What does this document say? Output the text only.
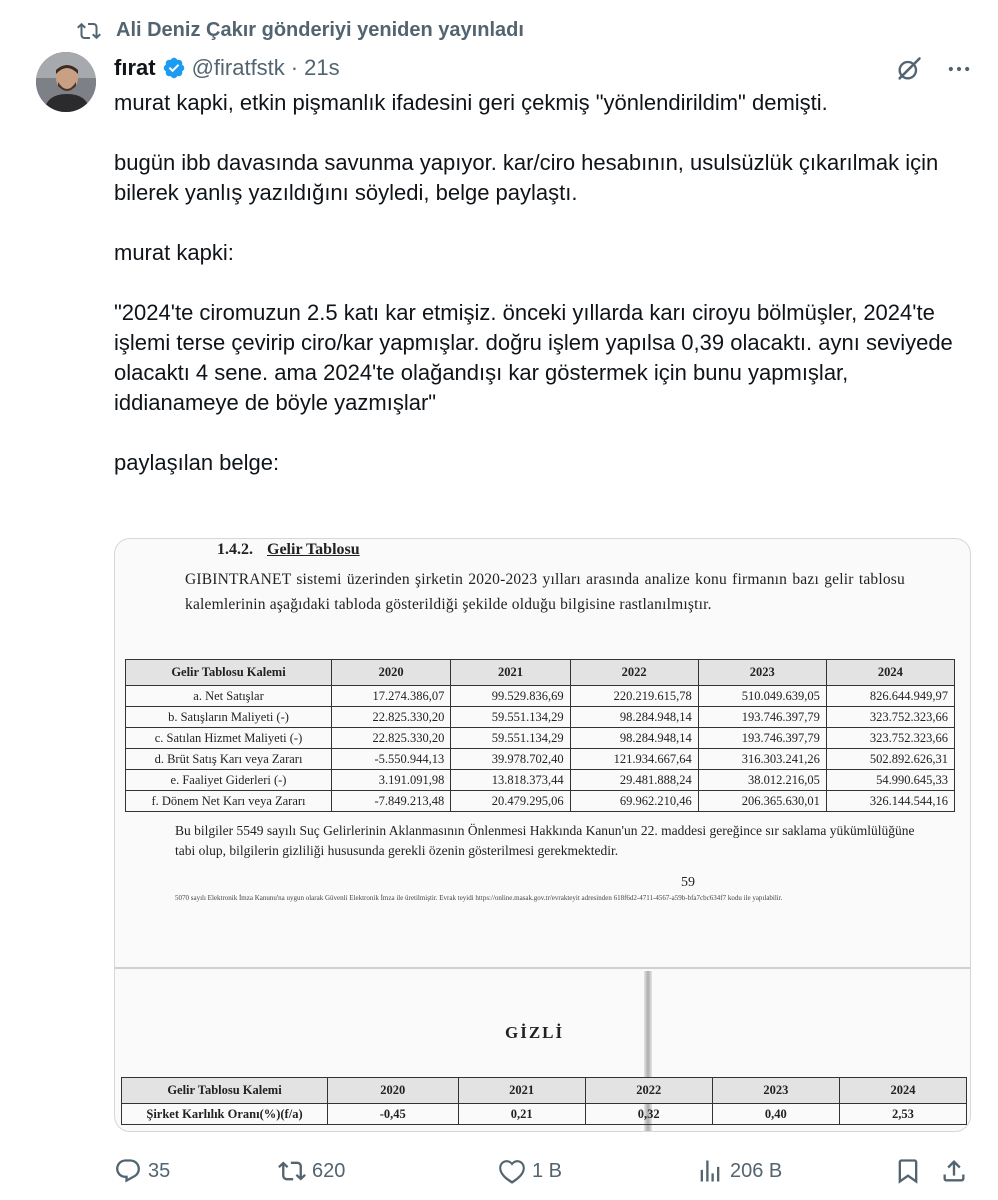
Ali Deniz Çakır gönderiyi yeniden yayınladı
fırat @firatfstk · 21s

murat kapki, etkin pişmanlık ifadesini geri çekmiş "yönlendirildim" demişti.

bugün ibb davasında savunma yapıyor. kar/ciro hesabının, usulsüzlük çıkarılmak için bilerek yanlış yazıldığını söyledi, belge paylaştı.

murat kapki:

"2024'te ciromuzun 2.5 katı kar etmişiz. önceki yıllarda karı ciroyu bölmüşler, 2024'te işlemi terse çevirip ciro/kar yapmışlar. doğru işlem yapılsa 0,39 olacaktı. aynı seviyede olacaktı 4 sene. ama 2024'te olağandışı kar göstermek için bunu yapmışlar, iddianameye de böyle yazmışlar"

paylaşılan belge:

1.4.2. Gelir Tablosu
GIBINTRANET sistemi üzerinden şirketin 2020-2023 yılları arasında analize konu firmanın bazı gelir tablosu kalemlerinin aşağıdaki tabloda gösterildiği şekilde olduğu bilgisine rastlanılmıştır.
Gelir Tablosu Kalemi	2020	2021	2022	2023	2024
a. Net Satışlar	17.274.386,07	99.529.836,69	220.219.615,78	510.049.639,05	826.644.949,97
b. Satışların Maliyeti (-)	22.825.330,20	59.551.134,29	98.284.948,14	193.746.397,79	323.752.323,66
c. Satılan Hizmet Maliyeti (-)	22.825.330,20	59.551.134,29	98.284.948,14	193.746.397,79	323.752.323,66
d. Brüt Satış Karı veya Zararı	-5.550.944,13	39.978.702,40	121.934.667,64	316.303.241,26	502.892.626,31
e. Faaliyet Giderleri (-)	3.191.091,98	13.818.373,44	29.481.888,24	38.012.216,05	54.990.645,33
f. Dönem Net Karı veya Zararı	-7.849.213,48	20.479.295,06	69.962.210,46	206.365.630,01	326.144.544,16
Bu bilgiler 5549 sayılı Suç Gelirlerinin Aklanmasının Önlenmesi Hakkında Kanun'un 22. maddesi gereğince sır saklama yükümlülüğüne tabi olup, bilgilerin gizliliği hususunda gerekli özenin gösterilmesi gerekmektedir.
59
5070 sayılı Elektronik İmza Kanunu'na uygun olarak Güvenli Elektronik İmza ile üretilmiştir. Evrak teyidi https://online.masak.gov.tr/evrakteyit adresinden 618f6d2-4711-4567-a59b-bfa7cbc634f7 kodu ile yapılabilir.
GİZLİ
Gelir Tablosu Kalemi	2020	2021	2022	2023	2024
Şirket Karlılık Oranı(%)(f/a)	-0,45	0,21	0,32	0,40	2,53
35	620	1 B	206 B
